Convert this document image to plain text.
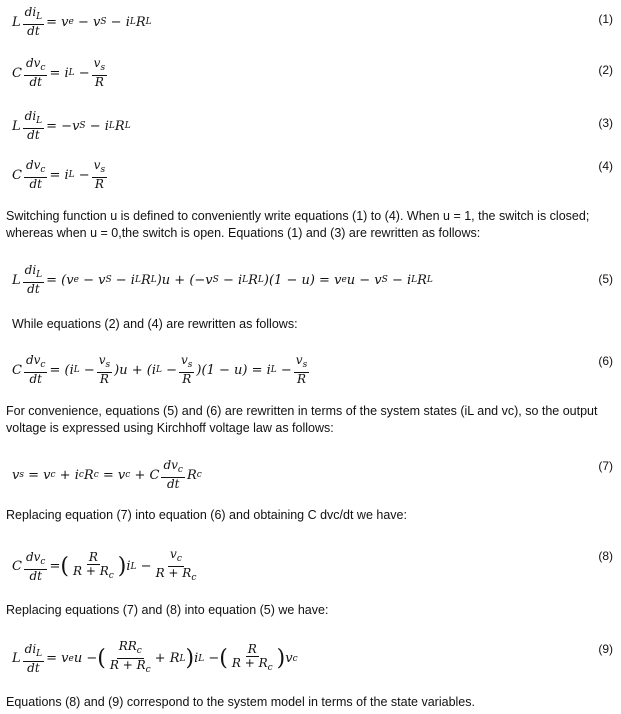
L $\frac{di_L}{dt} = v$ e − v S − i L R L	(1)
C $\frac{dv_c}{dt} = i$ $L - \frac{v_s}{R}$	(2)
L $\frac{di_L}{dt} = -v$ S − i L R L	(3)
C $\frac{dv_c}{dt} = i$ $L - \frac{v_s}{R}$	(4)
Switching function u is defined to conveniently write equations (1) to (4). When u = 1, the switch is closed; whereas when u = 0,the switch is open. Equations (1) and (3) are rewritten as follows:
L $\frac{di_L}{dt} = (v$ e − v S − i L R L )u + (−v S − i L R L )(1 − u) = v e u − v S − i L R L	(5)
While equations (2) and (4) are rewritten as follows:
C $\frac{dv_c}{dt} = (i$ $L - \frac{v_s}{R} )u + (i$ $L - \frac{v_s}{R} )(1 - u) = i$ $L - \frac{v_s}{R}$	(6)
For convenience, equations (5) and (6) are rewritten in terms of the system states (iL and vc), so the output voltage is expressed using Kirchhoff voltage law as follows:
v s = v c + i c R c = v c + C $\frac{dv_c}{dt}$ R c
(7)
Replacing equation (7) into equation (6) and obtaining C dvc/dt we have:
C $\frac{dv_c}{dt}$ = ( $\frac{R}{R + R_c}$ ) i $L - \frac{v_c}{R + R_c}$	(8)
Replacing equations (7) and (8) into equation (5) we have:
L $\frac{di_L}{dt} = v$ e u − ( $\frac{RR_c}{R + R_c} + R$ L ) i L − ( $\frac{R}{R + R_c}$ ) v c
(9)
Equations (8) and (9) correspond to the system model in terms of the state variables.
